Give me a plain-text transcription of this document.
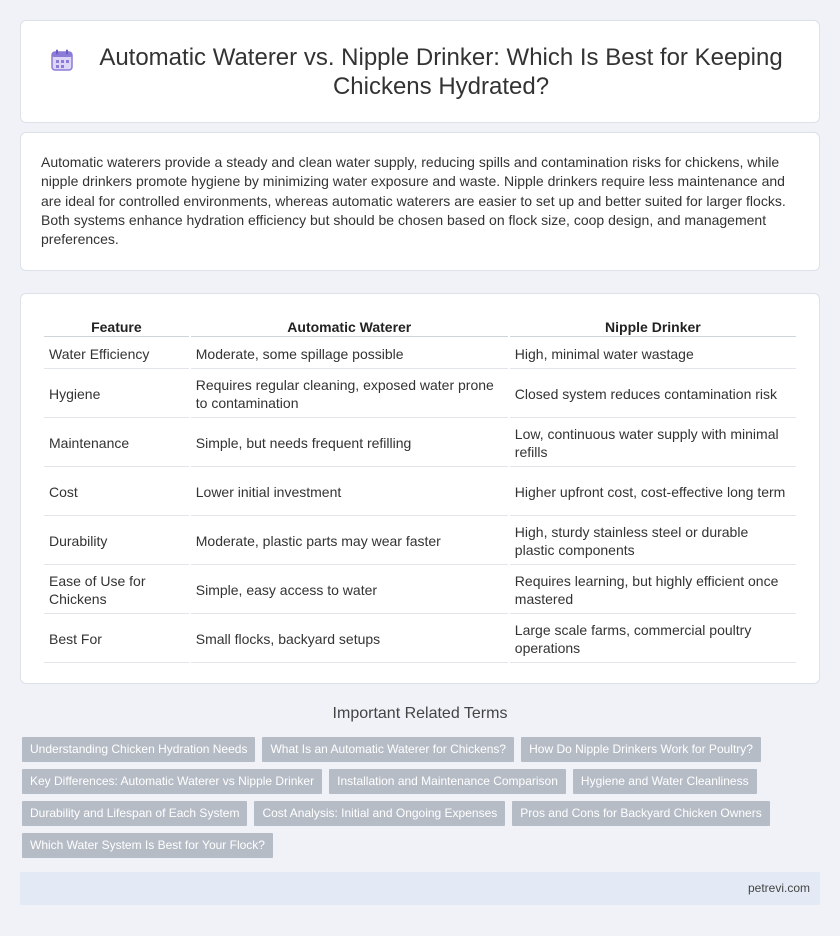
Automatic Waterer vs. Nipple Drinker: Which Is Best for Keeping Chickens Hydrated?

Automatic waterers provide a steady and clean water supply, reducing spills and contamination risks for chickens, while nipple drinkers promote hygiene by minimizing water exposure and waste. Nipple drinkers require less maintenance and are ideal for controlled environments, whereas automatic waterers are easier to set up and better suited for larger flocks. Both systems enhance hydration efficiency but should be chosen based on flock size, coop design, and management preferences.

Feature	Automatic Waterer	Nipple Drinker
Water Efficiency	Moderate, some spillage possible	High, minimal water wastage
Hygiene	Requires regular cleaning, exposed water prone to contamination	Closed system reduces contamination risk
Maintenance	Simple, but needs frequent refilling	Low, continuous water supply with minimal refills
Cost	Lower initial investment	Higher upfront cost, cost-effective long term
Durability	Moderate, plastic parts may wear faster	High, sturdy stainless steel or durable plastic components
Ease of Use for Chickens	Simple, easy access to water	Requires learning, but highly efficient once mastered
Best For	Small flocks, backyard setups	Large scale farms, commercial poultry operations
Important Related Terms
Understanding Chicken Hydration Needs	What Is an Automatic Waterer for Chickens?	How Do Nipple Drinkers Work for Poultry?
Key Differences: Automatic Waterer vs Nipple Drinker	Installation and Maintenance Comparison	Hygiene and Water Cleanliness
Durability and Lifespan of Each System	Cost Analysis: Initial and Ongoing Expenses	Pros and Cons for Backyard Chicken Owners
Which Water System Is Best for Your Flock?
petrevi.com
